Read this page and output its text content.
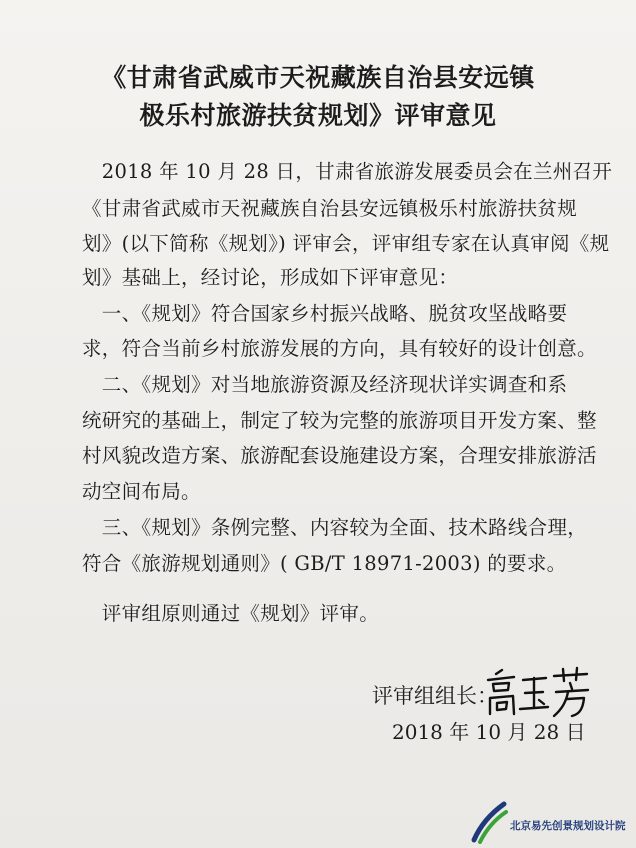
《甘肃省武威市天祝藏族自治县安远镇
极乐村旅游扶贫规划》评审意见
　2018 年 10 月 28 日，甘肃省旅游发展委员会在兰州召开
《甘肃省武威市天祝藏族自治县安远镇极乐村旅游扶贫规
划》(以下简称《规划》) 评审会，评审组专家在认真审阅《规
划》基础上，经讨论，形成如下评审意见：
　一、《规划》符合国家乡村振兴战略、脱贫攻坚战略要
求，符合当前乡村旅游发展的方向，具有较好的设计创意。
　二、《规划》对当地旅游资源及经济现状详实调查和系
统研究的基础上，制定了较为完整的旅游项目开发方案、整
村风貌改造方案、旅游配套设施建设方案，合理安排旅游活
动空间布局。
　三、《规划》条例完整、内容较为全面、技术路线合理，
符合《旅游规划通则》( GB/T 18971-2003) 的要求。
　评审组原则通过《规划》评审。
评审组组长：
2018 年 10 月 28 日
北京易先创景规划设计院
